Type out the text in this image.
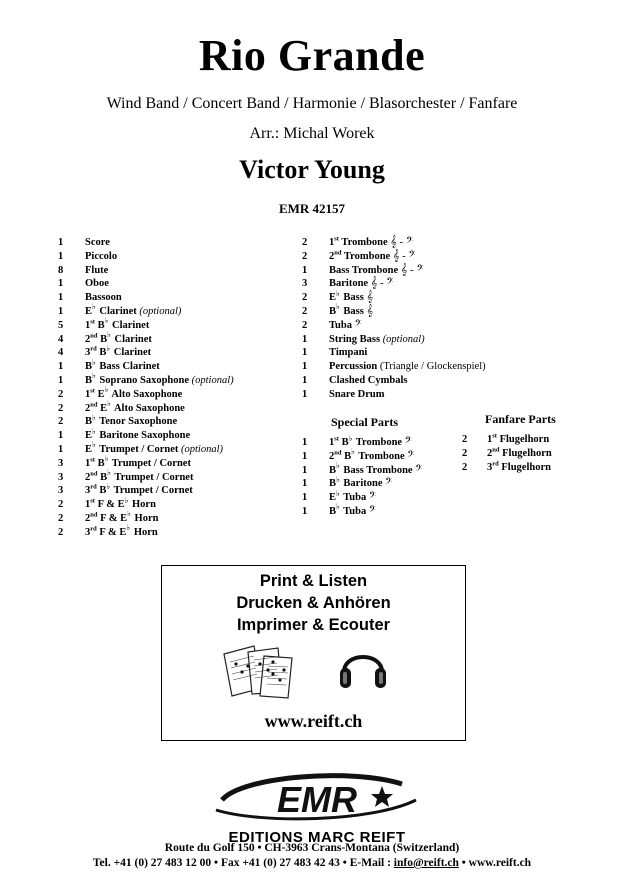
Rio Grande
Wind Band / Concert Band / Harmonie / Blasorchester / Fanfare
Arr.: Michal Worek
Victor Young
EMR 42157
1	Score
1	Piccolo
8	Flute
1	Oboe
1	Bassoon
1	E♭ Clarinet (optional)
5	1st B♭ Clarinet
4	2nd B♭ Clarinet
4	3rd B♭ Clarinet
1	B♭ Bass Clarinet
1	B♭ Soprano Saxophone (optional)
2	1st E♭ Alto Saxophone
2	2nd E♭ Alto Saxophone
2	B♭ Tenor Saxophone
1	E♭ Baritone Saxophone
1	E♭ Trumpet / Cornet (optional)
3	1st B♭ Trumpet / Cornet
3	2nd B♭ Trumpet / Cornet
3	3rd B♭ Trumpet / Cornet
2	1st F & E♭ Horn
2	2nd F & E♭ Horn
2	3rd F & E♭ Horn
2	1st Trombone 𝄞 - 𝄢
2	2nd Trombone 𝄞 - 𝄢
1	Bass Trombone 𝄞 - 𝄢
3	Baritone 𝄞 - 𝄢
2	E♭ Bass 𝄞
2	B♭ Bass 𝄞
2	Tuba 𝄢
1	String Bass (optional)
1	Timpani
1	Percussion (Triangle / Glockenspiel)
1	Clashed Cymbals
1	Snare Drum
Special Parts
1	1st B♭ Trombone 𝄢
1	2nd B♭ Trombone 𝄢
1	B♭ Bass Trombone 𝄢
1	B♭ Baritone 𝄢
1	E♭ Tuba 𝄢
1	B♭ Tuba 𝄢
Fanfare Parts
2	1st Flugelhorn
2	2nd Flugelhorn
2	3rd Flugelhorn
Print & Listen
Drucken & Anhören
Imprimer & Ecouter
www.reift.ch
EMR
EDITIONS MARC REIFT
Route du Golf 150 • CH-3963 Crans-Montana (Switzerland)
Tel. +41 (0) 27 483 12 00 • Fax +41 (0) 27 483 42 43 • E-Mail : info@reift.ch • www.reift.ch
